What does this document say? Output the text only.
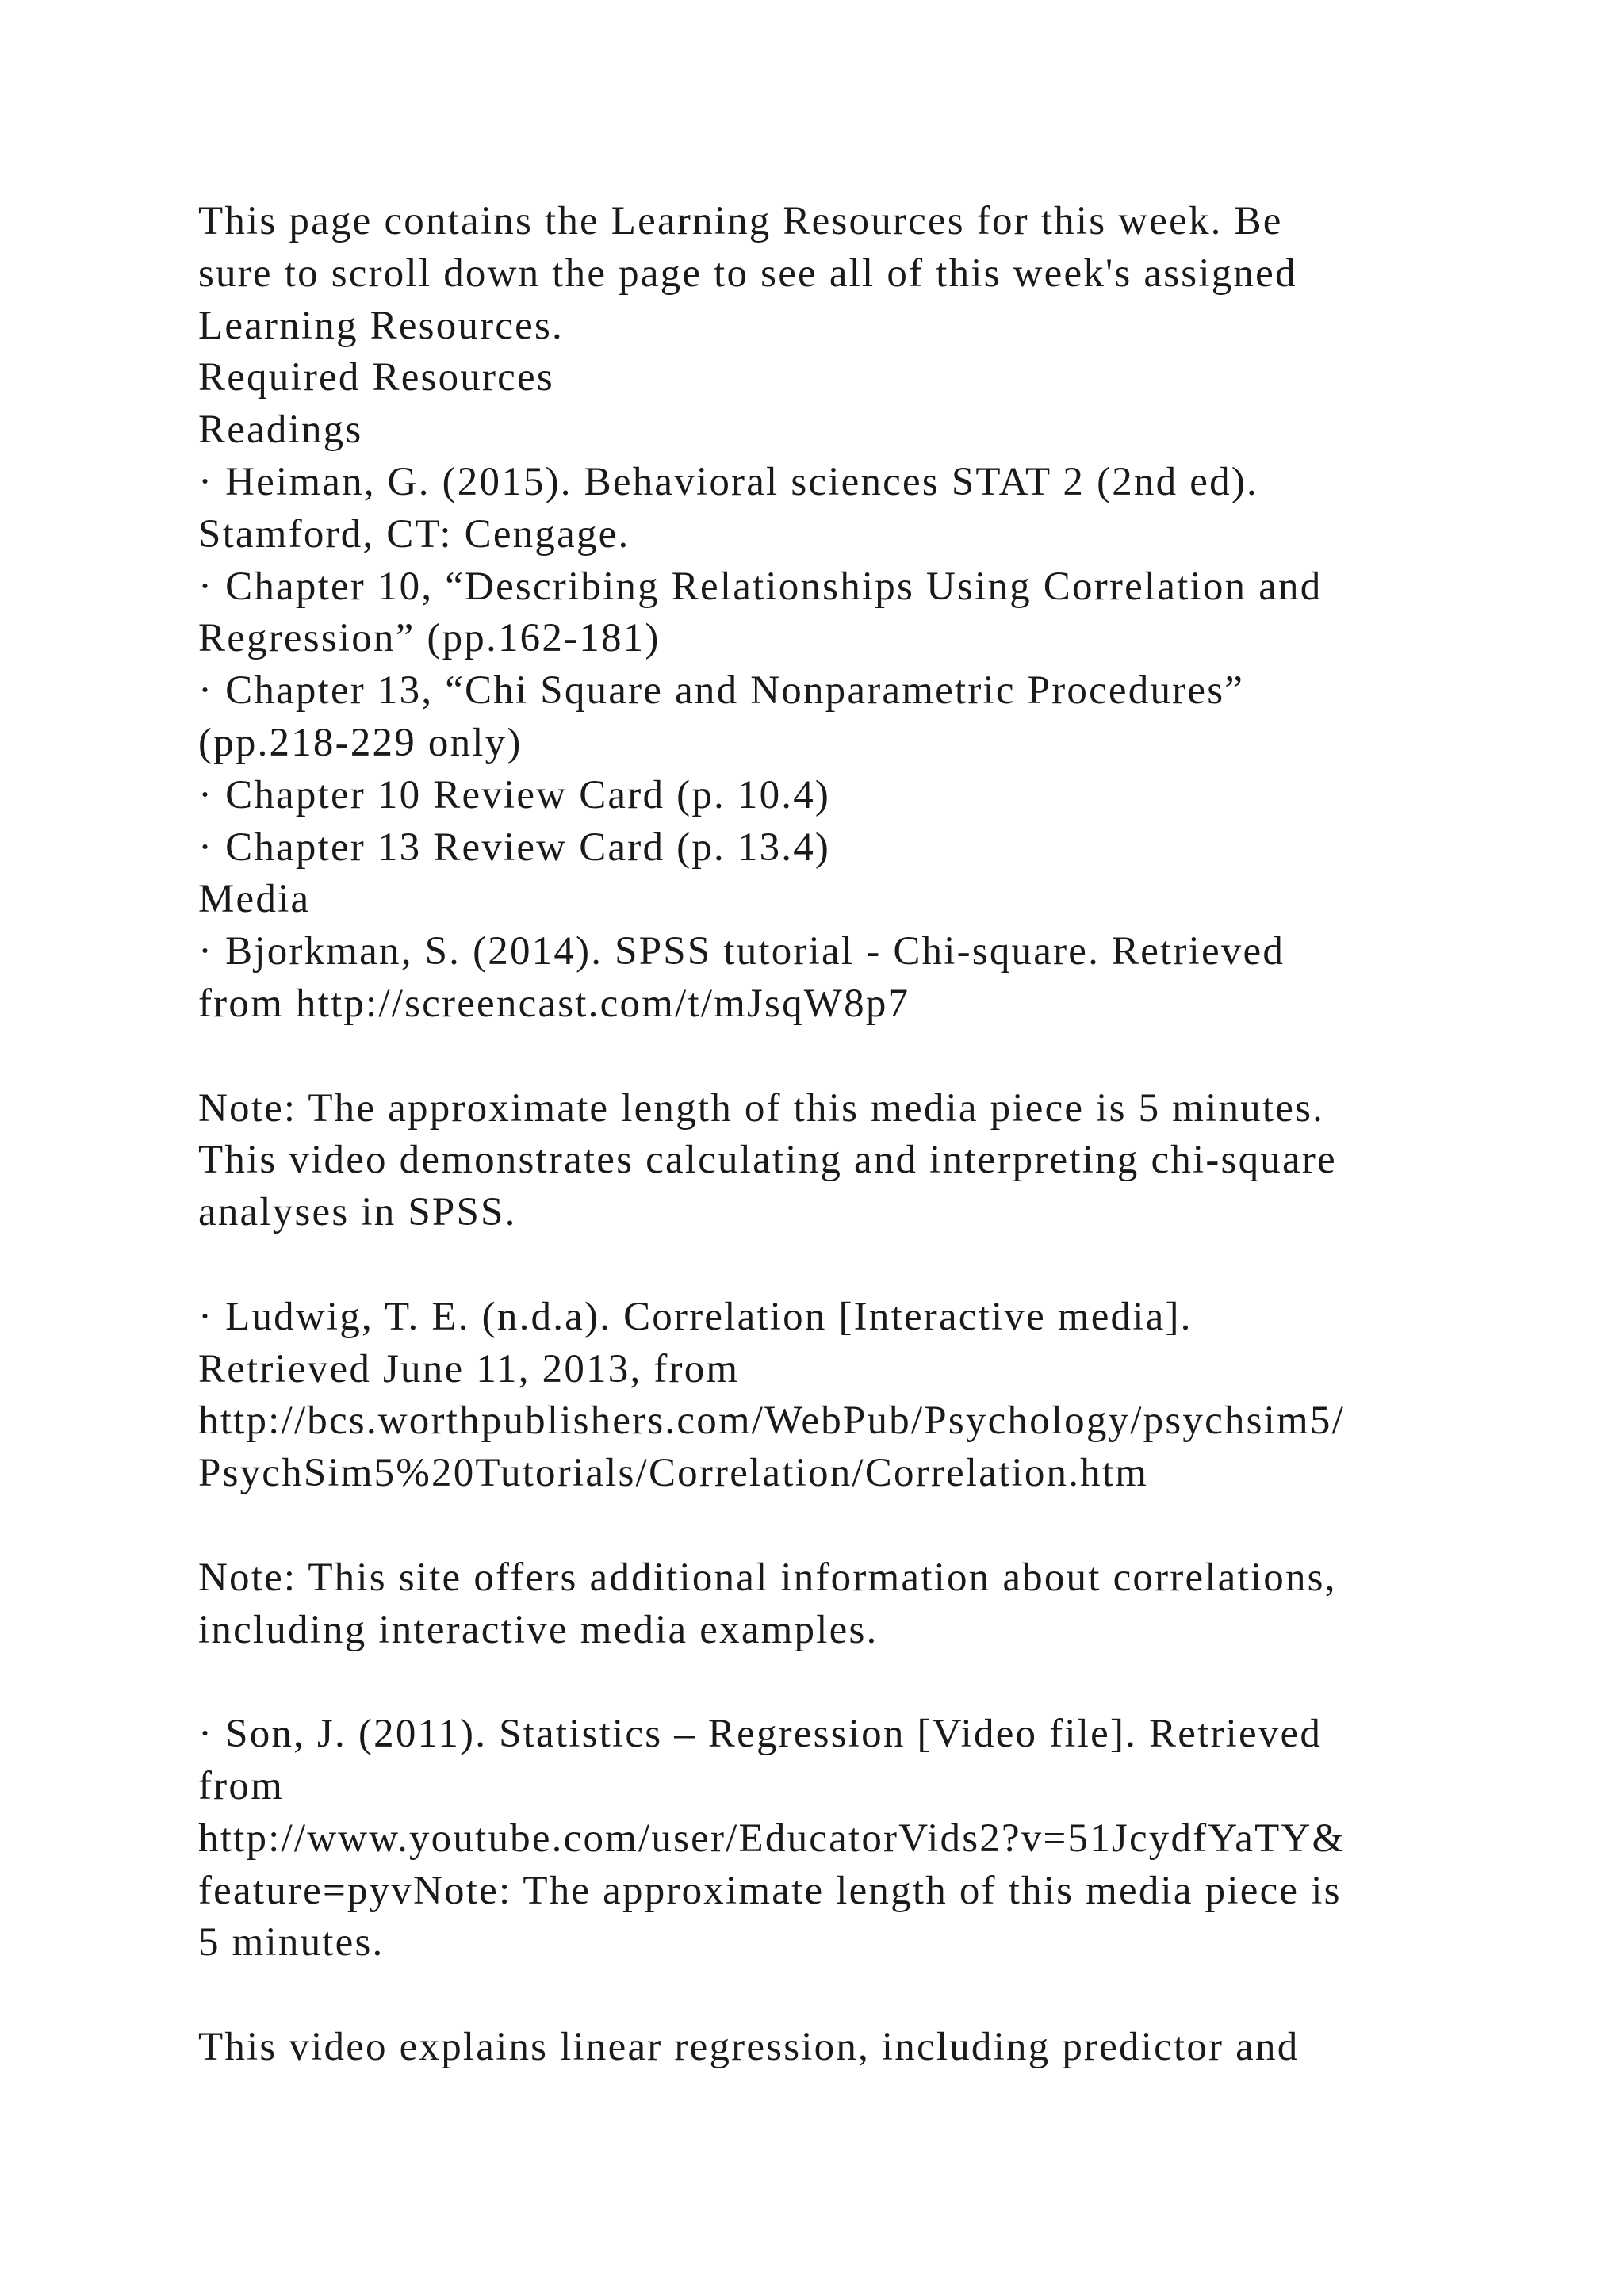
This page contains the Learning Resources for this week. Be
sure to scroll down the page to see all of this week's assigned
Learning Resources.
Required Resources
Readings
· Heiman, G. (2015). Behavioral sciences STAT 2 (2nd ed).
Stamford, CT: Cengage.
· Chapter 10, “Describing Relationships Using Correlation and
Regression” (pp.162-181)
· Chapter 13, “Chi Square and Nonparametric Procedures”
(pp.218-229 only)
· Chapter 10 Review Card (p. 10.4)
· Chapter 13 Review Card (p. 13.4)
Media
· Bjorkman, S. (2014). SPSS tutorial - Chi-square. Retrieved
from http://screencast.com/t/mJsqW8p7
Note: The approximate length of this media piece is 5 minutes.
This video demonstrates calculating and interpreting chi-square
analyses in SPSS.
· Ludwig, T. E. (n.d.a). Correlation [Interactive media].
Retrieved June 11, 2013, from
http://bcs.worthpublishers.com/WebPub/Psychology/psychsim5/
PsychSim5%20Tutorials/Correlation/Correlation.htm
Note: This site offers additional information about correlations,
including interactive media examples.
· Son, J. (2011). Statistics – Regression [Video file]. Retrieved
from
http://www.youtube.com/user/EducatorVids2?v=51JcydfYaTY&
feature=pyvNote: The approximate length of this media piece is
5 minutes.
This video explains linear regression, including predictor and
